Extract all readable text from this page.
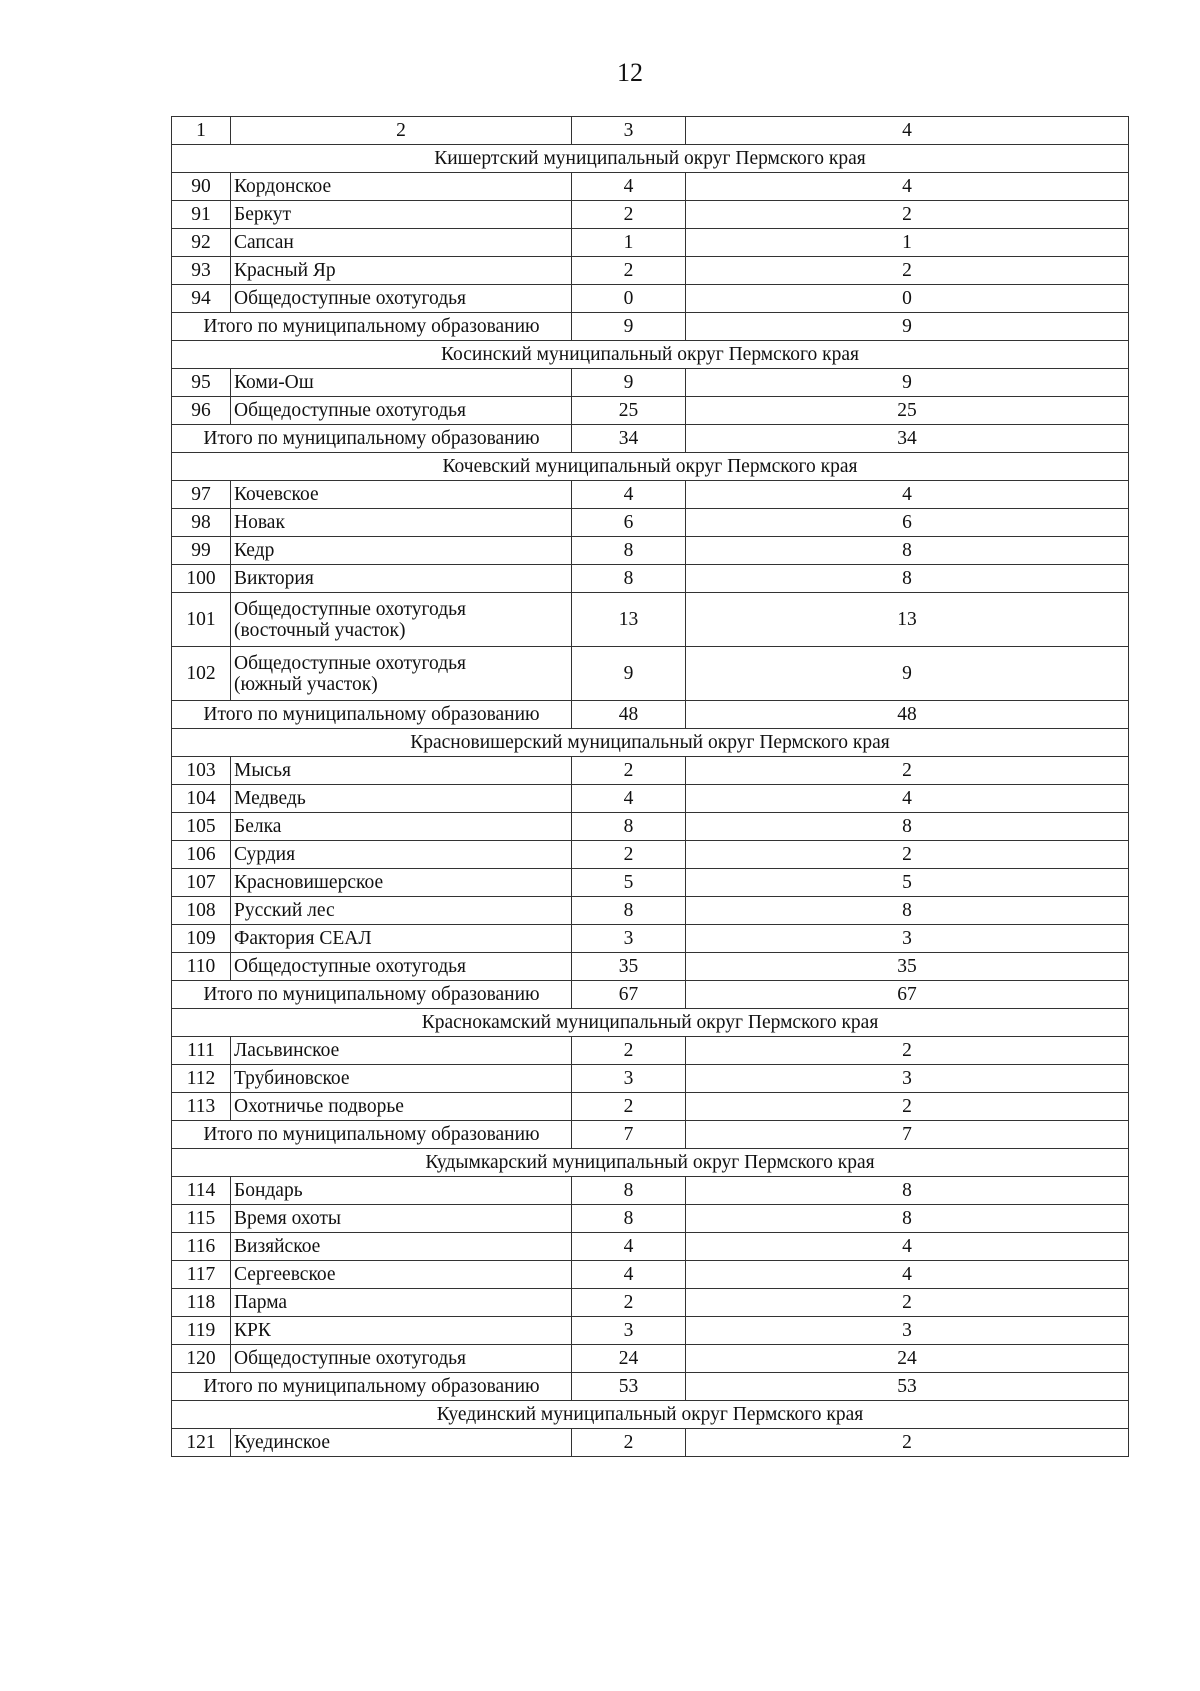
12
1	2	3	4
Кишертский муниципальный округ Пермского края			
90	Кордонское	4	4
91	Беркут	2	2
92	Сапсан	1	1
93	Красный Яр	2	2
94	Общедоступные охотугодья	0	0
Итого по муниципальному образованию		9	9
Косинский муниципальный округ Пермского края			
95	Коми-Ош	9	9
96	Общедоступные охотугодья	25	25
Итого по муниципальному образованию		34	34
Кочевский муниципальный округ Пермского края			
97	Кочевское	4	4
98	Новак	6	6
99	Кедр	8	8
100	Виктория	8	8
101	Общедоступные охотугодья
(восточный участок)	13	13
102	Общедоступные охотугодья
(южный участок)	9	9
Итого по муниципальному образованию		48	48
Красновишерский муниципальный округ Пермского края			
103	Мысья	2	2
104	Медведь	4	4
105	Белка	8	8
106	Сурдия	2	2
107	Красновишерское	5	5
108	Русский лес	8	8
109	Фактория СЕАЛ	3	3
110	Общедоступные охотугодья	35	35
Итого по муниципальному образованию		67	67
Краснокамский муниципальный округ Пермского края			
111	Ласьвинское	2	2
112	Трубиновское	3	3
113	Охотничье подворье	2	2
Итого по муниципальному образованию		7	7
Кудымкарский муниципальный округ Пермского края			
114	Бондарь	8	8
115	Время охоты	8	8
116	Визяйское	4	4
117	Сергеевское	4	4
118	Парма	2	2
119	КРК	3	3
120	Общедоступные охотугодья	24	24
Итого по муниципальному образованию		53	53
Куединский муниципальный округ Пермского края			
121	Куединское	2	2
